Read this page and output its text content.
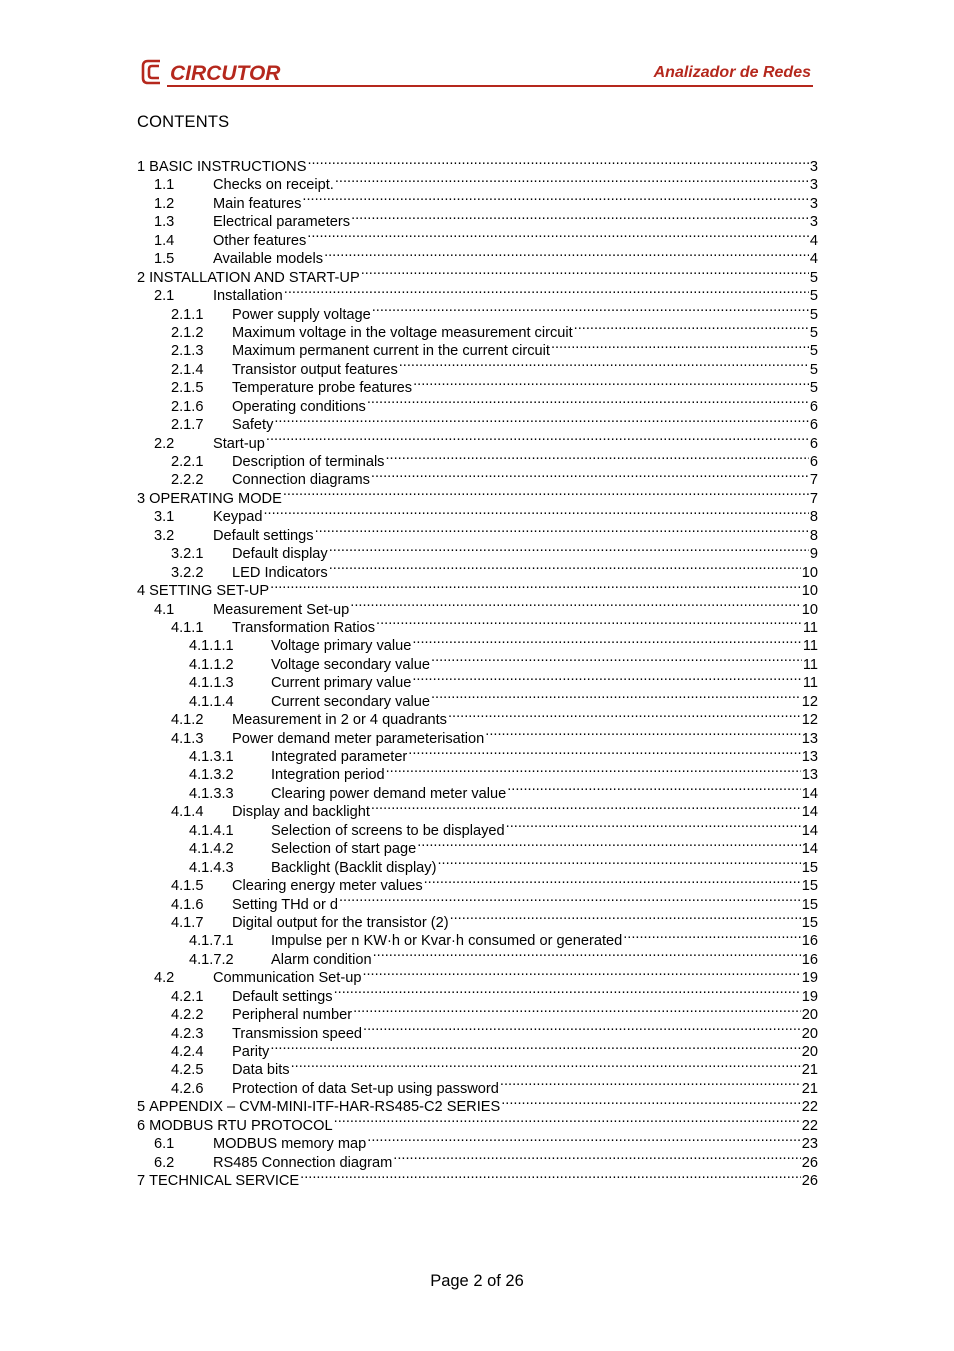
CIRCUTOR	Analizador de Redes
CONTENTS
1 BASIC INSTRUCTIONS .....	3
1.1	Checks on receipt. .....	3
1.2	Main features .....	3
1.3	Electrical parameters .....	3
1.4	Other features .....	4
1.5	Available models .....	4
2 INSTALLATION AND START-UP .....	5
2.1	Installation .....	5
2.1.1	Power supply voltage .....	5
2.1.2	Maximum voltage in the voltage measurement circuit .....	5
2.1.3	Maximum permanent current in the current circuit .....	5
2.1.4	Transistor output features .....	5
2.1.5	Temperature probe features .....	5
2.1.6	Operating conditions .....	6
2.1.7	Safety .....	6
2.2	Start-up .....	6
2.2.1	Description of terminals .....	6
2.2.2	Connection diagrams .....	7
3 OPERATING MODE .....	7
3.1	Keypad .....	8
3.2	Default settings .....	8
3.2.1	Default display .....	9
3.2.2	LED Indicators .....	10
4 SETTING SET-UP .....	10
4.1	Measurement Set-up .....	10
4.1.1	Transformation Ratios .....	11
4.1.1.1	Voltage primary value .....	11
4.1.1.2	Voltage secondary value .....	11
4.1.1.3	Current primary value .....	11
4.1.1.4	Current secondary value .....	12
4.1.2	Measurement in 2 or 4 quadrants .....	12
4.1.3	Power demand meter parameterisation .....	13
4.1.3.1	Integrated parameter .....	13
4.1.3.2	Integration period .....	13
4.1.3.3	Clearing power demand meter value .....	14
4.1.4	Display and backlight .....	14
4.1.4.1	Selection of screens to be displayed .....	14
4.1.4.2	Selection of start page .....	14
4.1.4.3	Backlight (Backlit display) .....	15
4.1.5	Clearing energy meter values .....	15
4.1.6	Setting THd or d .....	15
4.1.7	Digital output for the transistor (2) .....	15
4.1.7.1	Impulse per n KW·h or Kvar·h consumed or generated .....	16
4.1.7.2	Alarm condition .....	16
4.2	Communication Set-up .....	19
4.2.1	Default settings .....	19
4.2.2	Peripheral number .....	20
4.2.3	Transmission speed .....	20
4.2.4	Parity .....	20
4.2.5	Data bits .....	21
4.2.6	Protection of data Set-up using password .....	21
5 APPENDIX – CVM-MINI-ITF-HAR-RS485-C2 SERIES .....	22
6 MODBUS RTU PROTOCOL .....	22
6.1	MODBUS memory map .....	23
6.2	RS485 Connection diagram .....	26
7 TECHNICAL SERVICE .....	26
Page 2 of 26
